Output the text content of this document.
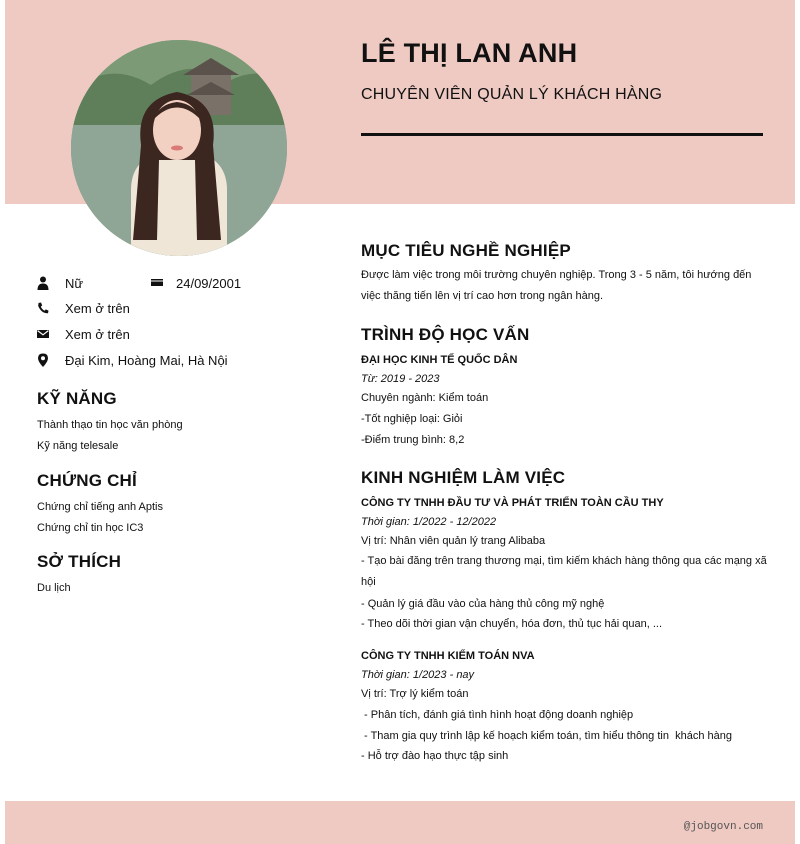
LÊ THỊ LAN ANH
CHUYÊN VIÊN QUẢN LÝ KHÁCH HÀNG
Nữ	24/09/2001
Xem ở trên
Xem ở trên
Đại Kim, Hoàng Mai, Hà Nội
KỸ NĂNG
Thành thạo tin học văn phòng
Kỹ năng telesale
CHỨNG CHỈ
Chứng chỉ tiếng anh Aptis
Chứng chỉ tin học IC3
SỞ THÍCH
Du lịch
MỤC TIÊU NGHỀ NGHIỆP
Được làm việc trong môi trường chuyên nghiệp. Trong 3 - 5 năm, tôi hướng đến việc thăng tiến lên vị trí cao hơn trong ngân hàng.
TRÌNH ĐỘ HỌC VẤN
ĐẠI HỌC KINH TẾ QUỐC DÂN
Từ: 2019 - 2023
Chuyên ngành: Kiểm toán
-Tốt nghiệp loại: Giỏi
-Điểm trung bình: 8,2
KINH NGHIỆM LÀM VIỆC
CÔNG TY TNHH ĐẦU TƯ VÀ PHÁT TRIỂN TOÀN CẦU THY
Thời gian: 1/2022 - 12/2022
Vị trí: Nhân viên quản lý trang Alibaba
- Tạo bài đăng trên trang thương mại, tìm kiếm khách hàng thông qua các mạng xã hội
- Quản lý giá đầu vào của hàng thủ công mỹ nghệ
- Theo dõi thời gian vận chuyển, hóa đơn, thủ tục hải quan, ...
CÔNG TY TNHH KIỂM TOÁN NVA
Thời gian: 1/2023 - nay
Vị trí: Trợ lý kiểm toán
- Phân tích, đánh giá tình hình hoạt động doanh nghiệp
- Tham gia quy trình lập kế hoạch kiểm toán, tìm hiểu thông tin  khách hàng
- Hỗ trợ đào hạo thực tập sinh
@jobgovn.com
